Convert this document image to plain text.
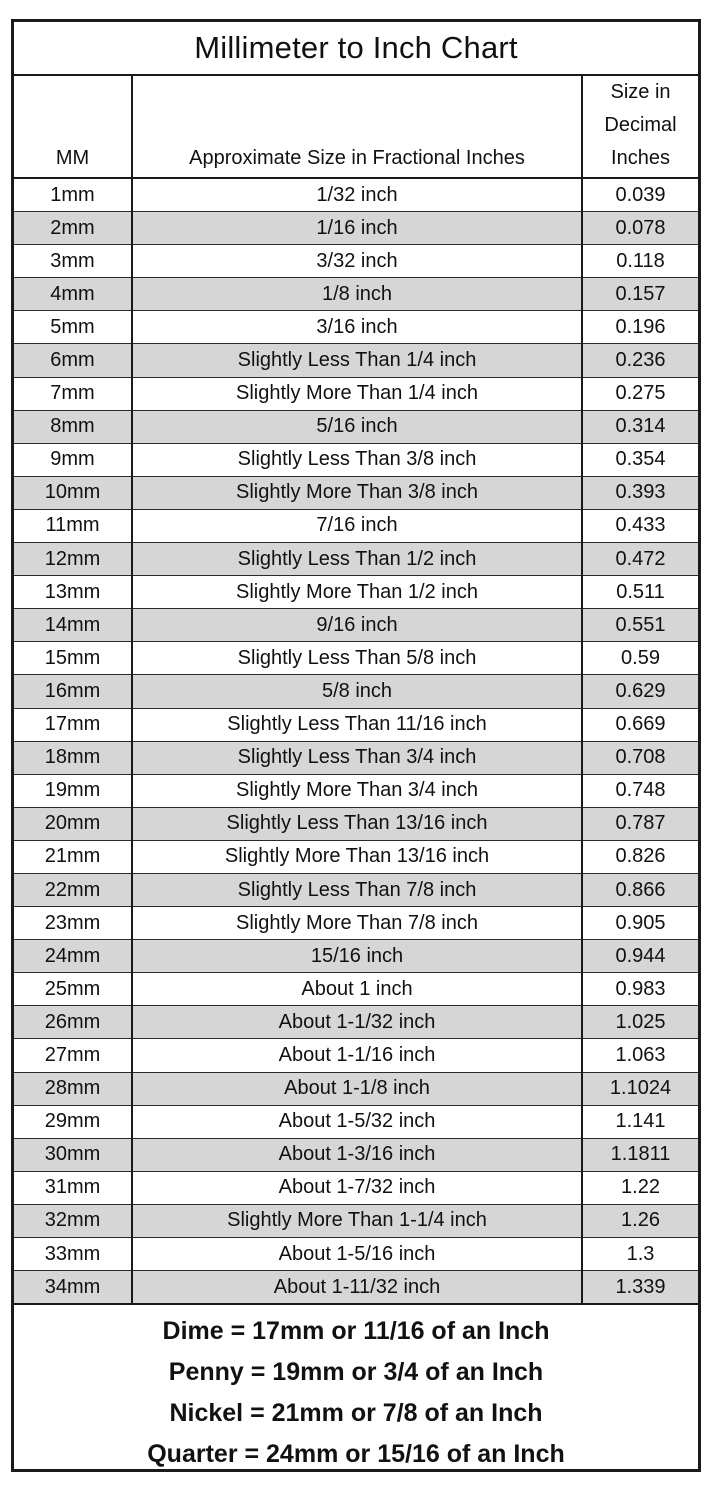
Millimeter to Inch Chart
MM	Approximate Size in Fractional Inches	Size in
Decimal
Inches

1mm	1/32 inch	0.039
2mm	1/16 inch	0.078
3mm	3/32 inch	0.118
4mm	1/8 inch	0.157
5mm	3/16 inch	0.196
6mm	Slightly Less Than 1/4 inch	0.236
7mm	Slightly More Than 1/4 inch	0.275
8mm	5/16 inch	0.314
9mm	Slightly Less Than 3/8 inch	0.354
10mm	Slightly More Than 3/8 inch	0.393
11mm	7/16 inch	0.433
12mm	Slightly Less Than 1/2 inch	0.472
13mm	Slightly More Than 1/2 inch	0.511
14mm	9/16 inch	0.551
15mm	Slightly Less Than 5/8 inch	0.59
16mm	5/8 inch	0.629
17mm	Slightly Less Than 11/16 inch	0.669
18mm	Slightly Less Than 3/4 inch	0.708
19mm	Slightly More Than 3/4 inch	0.748
20mm	Slightly Less Than 13/16 inch	0.787
21mm	Slightly More Than 13/16 inch	0.826
22mm	Slightly Less Than 7/8 inch	0.866
23mm	Slightly More Than 7/8 inch	0.905
24mm	15/16 inch	0.944
25mm	About 1 inch	0.983
26mm	About 1-1/32 inch	1.025
27mm	About 1-1/16 inch	1.063
28mm	About 1-1/8 inch	1.1024
29mm	About 1-5/32 inch	1.141
30mm	About 1-3/16 inch	1.1811
31mm	About 1-7/32 inch	1.22
32mm	Slightly More Than 1-1/4 inch	1.26
33mm	About 1-5/16 inch	1.3
34mm	About 1-11/32 inch	1.339
Dime = 17mm or 11/16 of an Inch
Penny = 19mm or 3/4 of an Inch
Nickel = 21mm or 7/8 of an Inch
Quarter = 24mm or 15/16 of an Inch
